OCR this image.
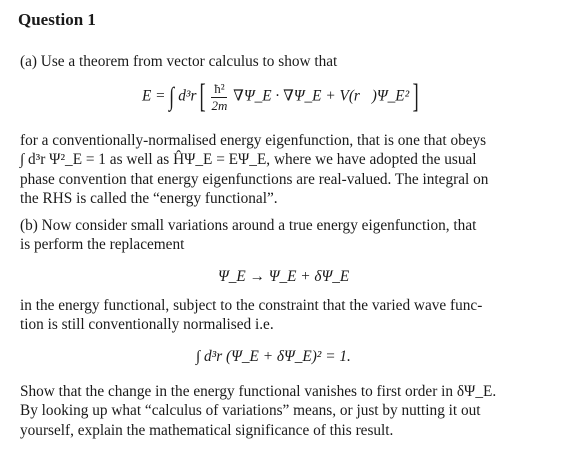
Question 1
(a) Use a theorem from vector calculus to show that
E = ∫ d³r [ $\frac{\text{ħ²}}{2m}$ ∇Ψ_E · ∇Ψ_E + V(r⃗)Ψ_E² ]
for a conventionally-normalised energy eigenfunction, that is one that obeys
∫ d³r Ψ²_E = 1 as well as ĤΨ_E = EΨ_E, where we have adopted the usual
phase convention that energy eigenfunctions are real-valued. The integral on
the RHS is called the “energy functional”.
(b) Now consider small variations around a true energy eigenfunction, that
is perform the replacement
Ψ_E → Ψ_E + δΨ_E
in the energy functional, subject to the constraint that the varied wave func-
tion is still conventionally normalised i.e.
∫ d³r (Ψ_E + δΨ_E)² = 1.
Show that the change in the energy functional vanishes to first order in δΨ_E.
By looking up what “calculus of variations” means, or just by nutting it out
yourself, explain the mathematical significance of this result.
